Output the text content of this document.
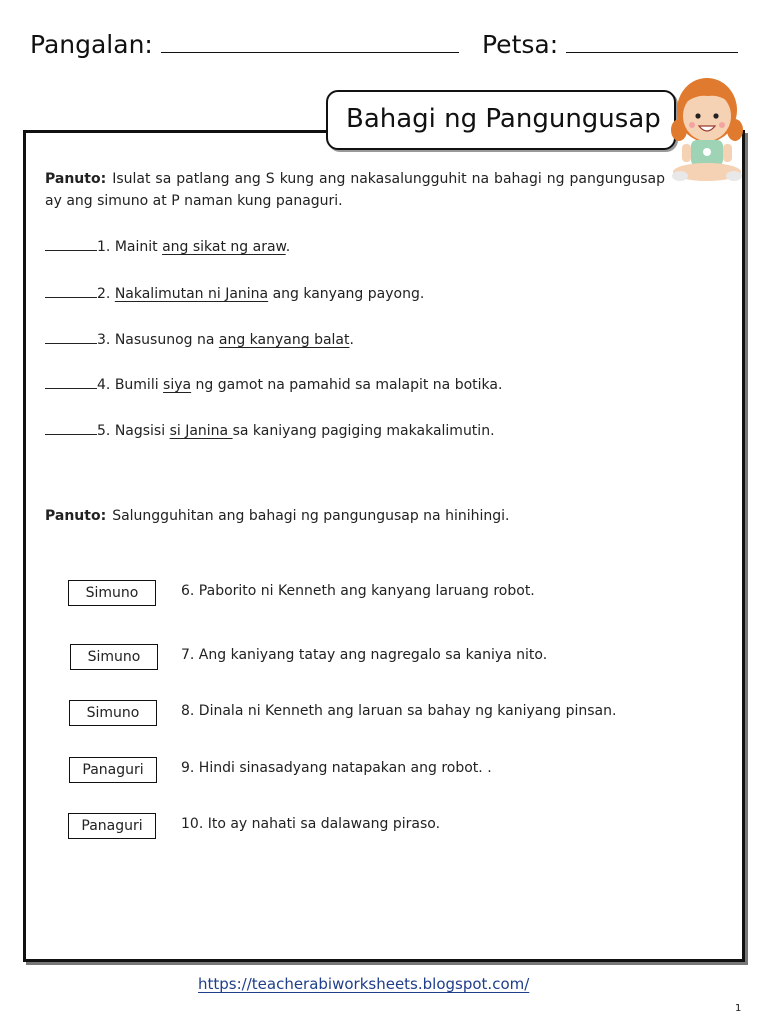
Pangalan:	Petsa:
Bahagi ng Pangungusap
Panuto: Isulat sa patlang ang S kung ang nakasalungguhit na bahagi ng pangungusap ay ang simuno at P naman kung panaguri.
1. Mainit ang sikat ng araw.
2. Nakalimutan ni Janina ang kanyang payong.
3. Nasusunog na ang kanyang balat.
4. Bumili siya ng gamot na pamahid sa malapit na botika.
5. Nagsisi si Janina sa kaniyang pagiging makakalimutin.
Panuto: Salungguhitan ang bahagi ng pangungusap na hinihingi.
Simuno	6. Paborito ni Kenneth ang kanyang laruang robot.
Simuno	7. Ang kaniyang tatay ang nagregalo sa kaniya nito.
Simuno	8. Dinala ni Kenneth ang laruan sa bahay ng kaniyang pinsan.
Panaguri	9. Hindi sinasadyang natapakan ang robot. .
Panaguri	10. Ito ay nahati sa dalawang piraso.
https://teacherabiworksheets.blogspot.com/
1
